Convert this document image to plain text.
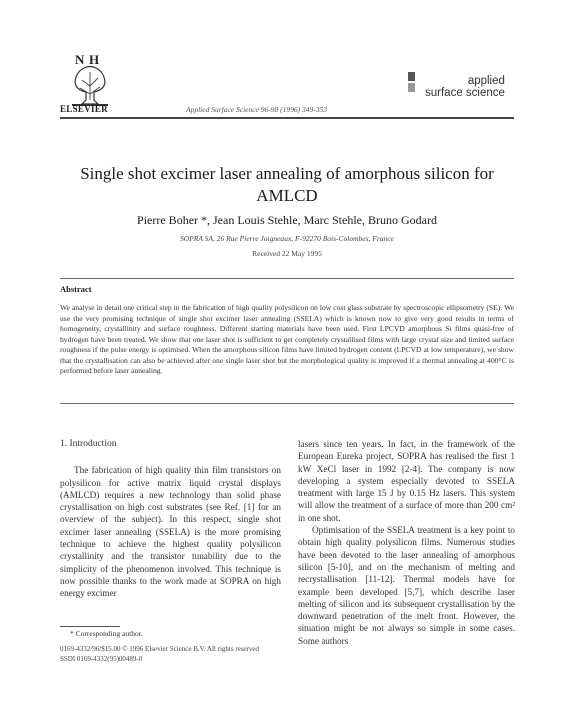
N H
ELSEVIER	Applied Surface Science 96-98 (1996) 349-353
applied
surface science
Single shot excimer laser annealing of amorphous silicon for AMLCD
Pierre Boher *, Jean Louis Stehle, Marc Stehle, Bruno Godard
SOPRA SA, 26 Rue Pierre Joigneaux, F-92270 Bois-Colombes, France
Received 22 May 1995
Abstract
We analyse in detail one critical step in the fabrication of high quality polysilicon on low cost glass substrate by spectroscopic ellipsometry (SE). We use the very promising technique of single shot excimer laser annealing (SSELA) which is known now to give very good results in terms of homogeneity, crystallinity and surface roughness. Different starting materials have been used. First LPCVD amorphous Si films quasi-free of hydrogen have been treated. We show that one laser shot is sufficient to get completely crystallised films with large crystal size and limited surface roughness if the pulse energy is optimised. When the amorphous silicon films have limited hydrogen content (LPCVD at low temperature), we show that the crystallisation can also be achieved after one single laser shot but the morphological quality is improved if a thermal annealing at 400°C is performed before laser annealing.
1. Introduction

The fabrication of high quality thin film transistors on polysilicon for active matrix liquid crystal displays (AMLCD) requires a new technology than solid phase crystallisation on high cost substrates (see Ref. [1] for an overview of the subject). In this respect, single shot excimer laser annealing (SSELA) is the more promising technique to achieve the highest quality polysilicon crystallinity and the transistor tunability due to the simplicity of the phenomenon involved. This technique is now possible thanks to the work made at SOPRA on high energy excimer

lasers since ten years. In fact, in the framework of the European Eureka project, SOPRA has realised the first 1 kW XeCl laser in 1992 [2-4]. The company is now developing a system especially devoted to SSELA treatment with large 15 J by 0.15 Hz lasers. This system will allow the treatment of a surface of more than 200 cm² in one shot.

Optimisation of the SSELA treatment is a key point to obtain high quality polysilicon films. Numerous studies have been devoted to the laser annealing of amorphous silicon [5-10], and on the mechanism of melting and recrystallisation [11-12]. Thermal models have for example been developed [5,7], which describe laser melting of silicon and its subsequent crystallisation by the downward penetration of the melt front. However, the situation might be not always so simple in some cases. Some authors

* Corresponding author.
0169-4332/96/$15.00 © 1996 Elsevier Science B.V. All rights reserved
SSDI 0169-4332(95)00489-0
